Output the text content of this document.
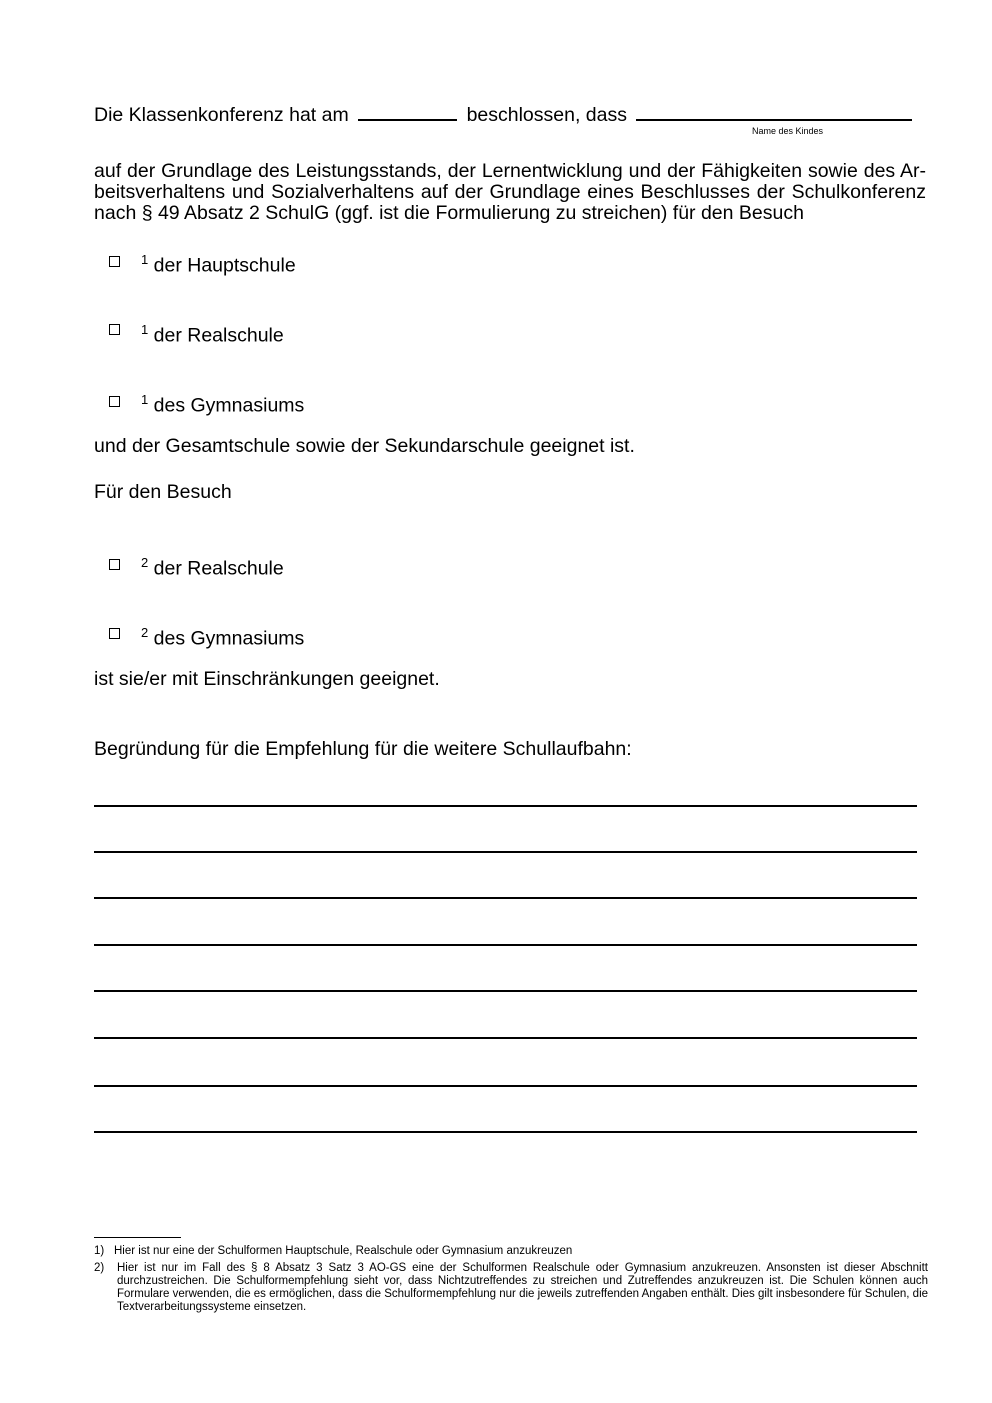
Die Klassenkonferenz hat am	beschlossen, dass
Name des Kindes
auf der Grundlage des Leistungsstands, der Lernentwicklung und der Fähigkeiten sowie des Ar-
beitsverhaltens und Sozialverhaltens auf der Grundlage eines Beschlusses der Schulkonferenz
nach § 49 Absatz 2 SchulG (ggf. ist die Formulierung zu streichen) für den Besuch
$^1$ der Hauptschule
$^1$ der Realschule
$^1$ des Gymnasiums
und der Gesamtschule sowie der Sekundarschule geeignet ist.
Für den Besuch
$^2$ der Realschule
$^2$ des Gymnasiums
ist sie/er mit Einschränkungen geeignet.
Begründung für die Empfehlung für die weitere Schullaufbahn:
1) Hier ist nur eine der Schulformen Hauptschule, Realschule oder Gymnasium anzukreuzen
2)	Hier ist nur im Fall des § 8 Absatz 3 Satz 3 AO-GS eine der Schulformen Realschule oder Gymnasium anzukreuzen. Ansonsten ist dieser Abschnitt durchzustreichen. Die Schulformempfehlung sieht vor, dass Nichtzutreffendes zu streichen und Zutreffendes anzukreuzen ist. Die Schulen können auch Formulare verwenden, die es ermöglichen, dass die Schulformempfehlung nur die jeweils zutreffenden Angaben enthält. Dies gilt insbesondere für Schulen, die Textverarbeitungssysteme einsetzen.
